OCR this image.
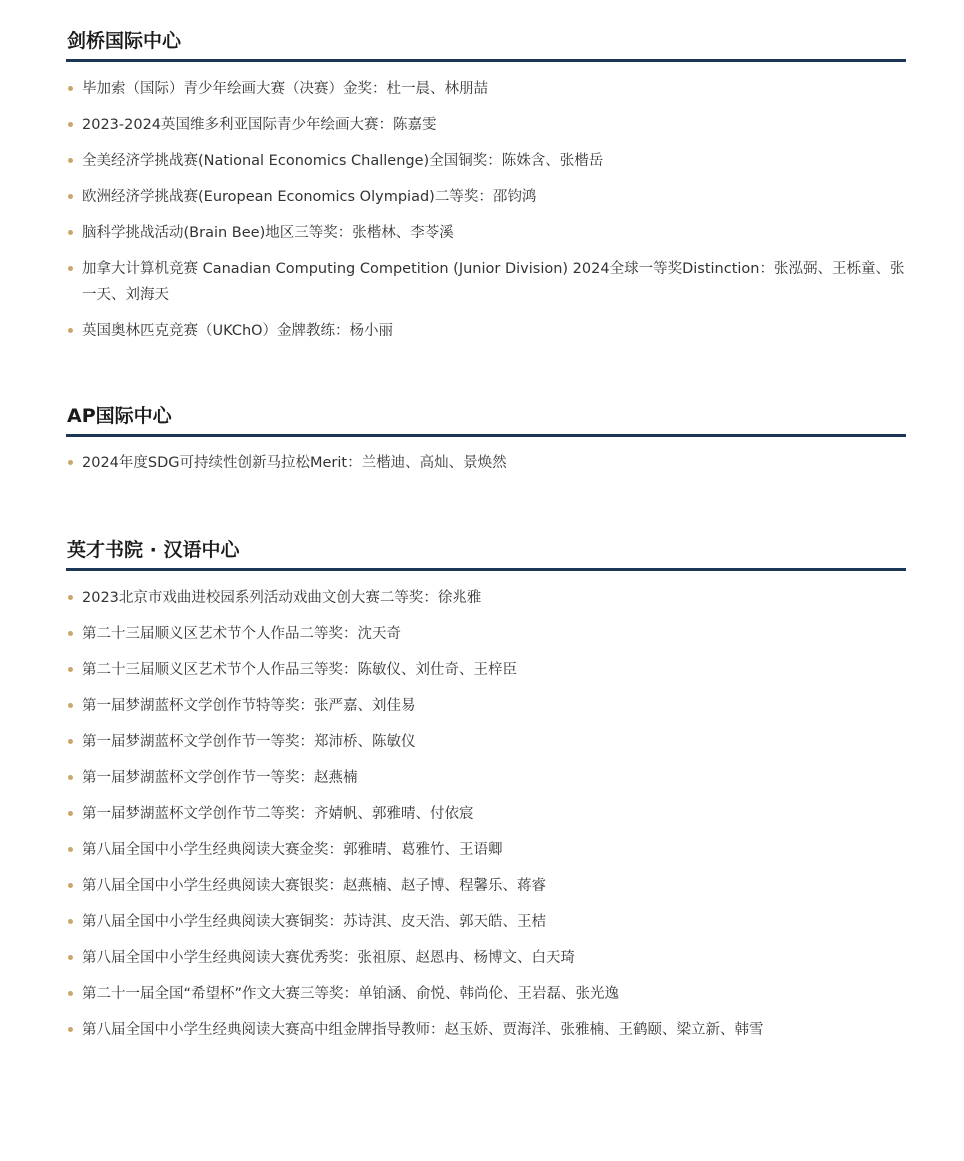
剑桥国际中心
毕加索（国际）青少年绘画大赛（决赛）金奖：杜一晨、林朋喆
2023-2024英国维多利亚国际青少年绘画大赛：陈嘉雯
全美经济学挑战赛(National Economics Challenge)全国铜奖：陈姝含、张楷岳
欧洲经济学挑战赛(European Economics Olympiad)二等奖：邵钧鸿
脑科学挑战活动(Brain Bee)地区三等奖：张楷林、李苓溪
加拿大计算机竞赛 Canadian Computing Competition (Junior Division) 2024全球一等奖Distinction：张泓弼、王栎童、张一天、刘海天
英国奥林匹克竞赛（UKChO）金牌教练：杨小丽
AP国际中心
2024年度SDG可持续性创新马拉松Merit：兰楷迪、高灿、景焕然
英才书院 · 汉语中心
2023北京市戏曲进校园系列活动戏曲文创大赛二等奖：徐兆雅
第二十三届顺义区艺术节个人作品二等奖：沈天奇
第二十三届顺义区艺术节个人作品三等奖：陈敏仪、刘仕奇、王梓臣
第一届梦湖蓝杯文学创作节特等奖：张严嘉、刘佳易
第一届梦湖蓝杯文学创作节一等奖：郑沛桥、陈敏仪
第一届梦湖蓝杯文学创作节一等奖：赵燕楠
第一届梦湖蓝杯文学创作节二等奖：齐婧帆、郭雅晴、付依宸
第八届全国中小学生经典阅读大赛金奖：郭雅晴、葛雅竹、王语卿
第八届全国中小学生经典阅读大赛银奖：赵燕楠、赵子博、程馨乐、蒋睿
第八届全国中小学生经典阅读大赛铜奖：苏诗淇、皮天浩、郭天皓、王桔
第八届全国中小学生经典阅读大赛优秀奖：张祖原、赵恩冉、杨博文、白天琦
第二十一届全国“希望杯”作文大赛三等奖：单铂涵、俞悦、韩尚伦、王岩磊、张光逸
第八届全国中小学生经典阅读大赛高中组金牌指导教师：赵玉娇、贾海洋、张雅楠、王鹤颐、梁立新、韩雪
